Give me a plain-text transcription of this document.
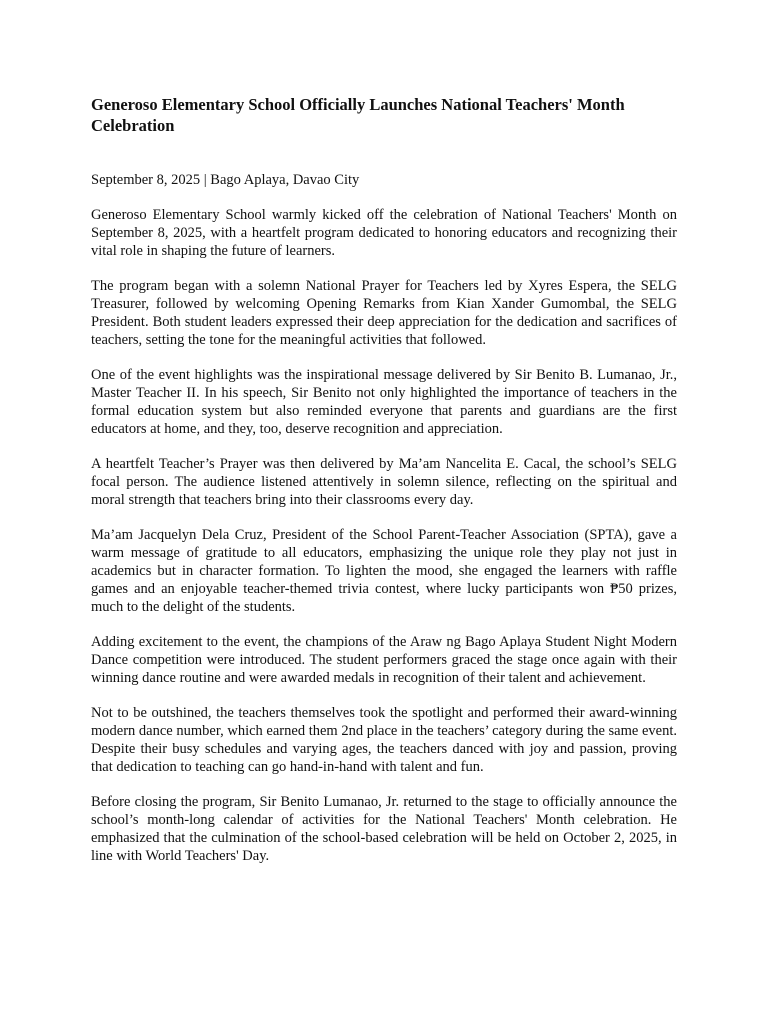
Generoso Elementary School Officially Launches National Teachers' Month Celebration

September 8, 2025 | Bago Aplaya, Davao City

Generoso Elementary School warmly kicked off the celebration of National Teachers' Month on September 8, 2025, with a heartfelt program dedicated to honoring educators and recognizing their vital role in shaping the future of learners.

The program began with a solemn National Prayer for Teachers led by Xyres Espera, the SELG Treasurer, followed by welcoming Opening Remarks from Kian Xander Gumombal, the SELG President. Both student leaders expressed their deep appreciation for the dedication and sacrifices of teachers, setting the tone for the meaningful activities that followed.

One of the event highlights was the inspirational message delivered by Sir Benito B. Lumanao, Jr., Master Teacher II. In his speech, Sir Benito not only highlighted the importance of teachers in the formal education system but also reminded everyone that parents and guardians are the first educators at home, and they, too, deserve recognition and appreciation.

A heartfelt Teacher’s Prayer was then delivered by Ma’am Nancelita E. Cacal, the school’s SELG focal person. The audience listened attentively in solemn silence, reflecting on the spiritual and moral strength that teachers bring into their classrooms every day.

Ma’am Jacquelyn Dela Cruz, President of the School Parent-Teacher Association (SPTA), gave a warm message of gratitude to all educators, emphasizing the unique role they play not just in academics but in character formation. To lighten the mood, she engaged the learners with raffle games and an enjoyable teacher-themed trivia contest, where lucky participants won ₱50 prizes, much to the delight of the students.

Adding excitement to the event, the champions of the Araw ng Bago Aplaya Student Night Modern Dance competition were introduced. The student performers graced the stage once again with their winning dance routine and were awarded medals in recognition of their talent and achievement.

Not to be outshined, the teachers themselves took the spotlight and performed their award-winning modern dance number, which earned them 2nd place in the teachers’ category during the same event. Despite their busy schedules and varying ages, the teachers danced with joy and passion, proving that dedication to teaching can go hand-in-hand with talent and fun.

Before closing the program, Sir Benito Lumanao, Jr. returned to the stage to officially announce the school’s month-long calendar of activities for the National Teachers' Month celebration. He emphasized that the culmination of the school-based celebration will be held on October 2, 2025, in line with World Teachers' Day.
